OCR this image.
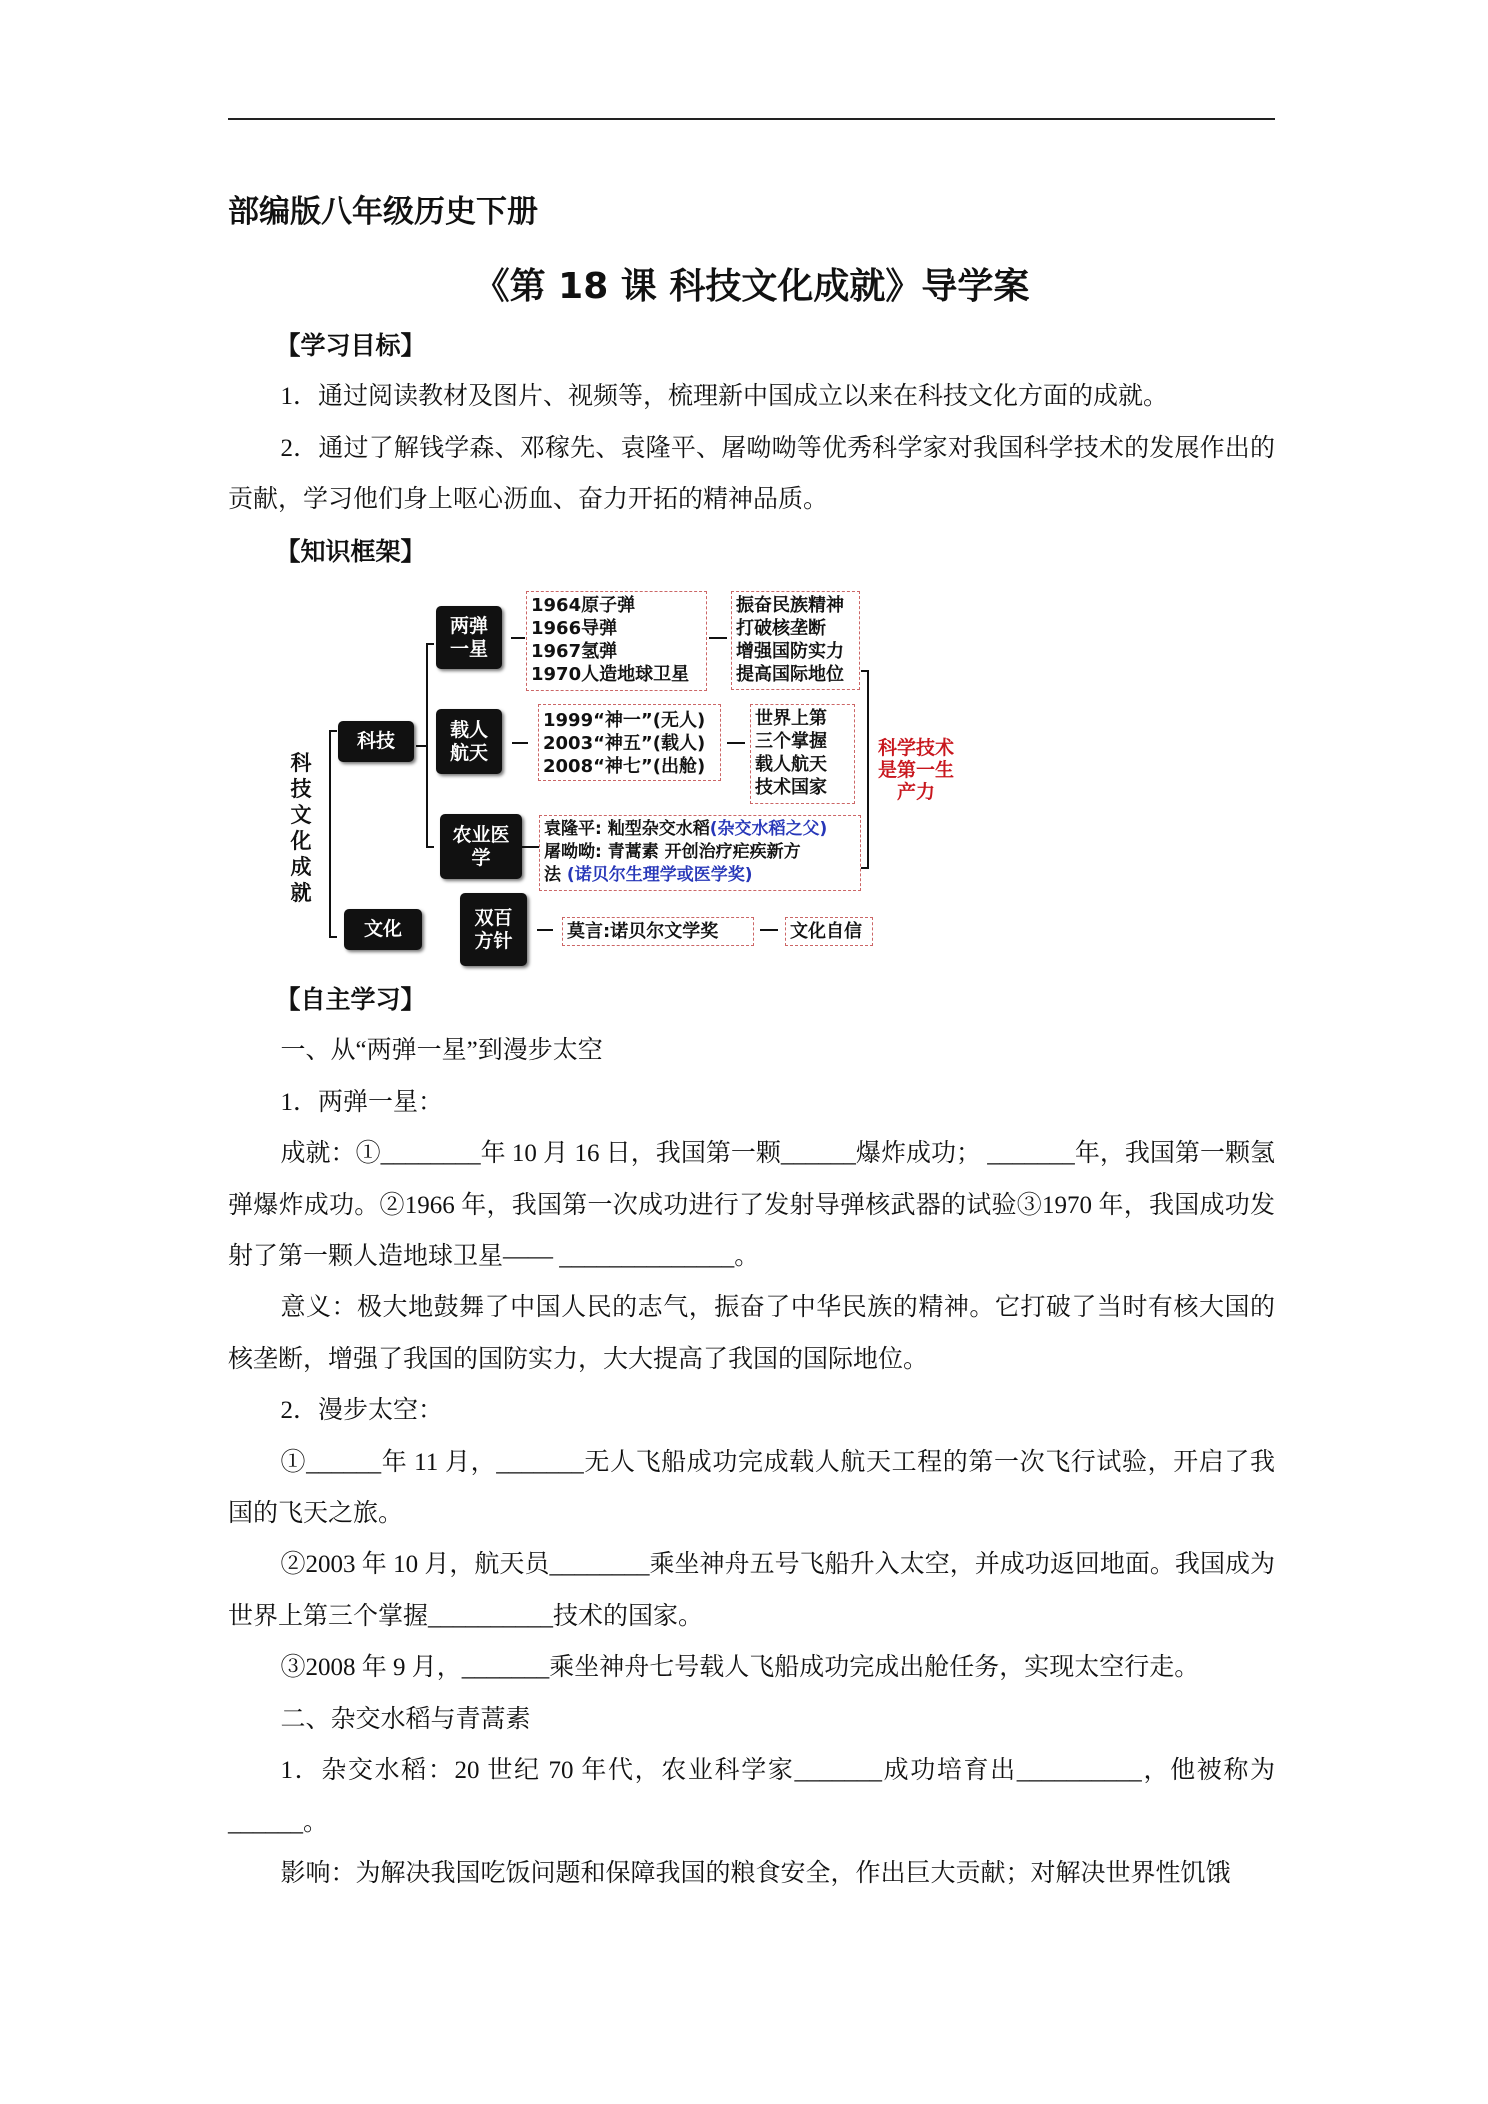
部编版八年级历史下册
《第 18 课 科技文化成就》导学案

【学习目标】

1．通过阅读教材及图片、视频等，梳理新中国成立以来在科技文化方面的成就。

2．通过了解钱学森、邓稼先、袁隆平、屠呦呦等优秀科学家对我国科学技术的发展作出的贡献，学习他们身上呕心沥血、奋力开拓的精神品质。

【知识框架】

科技文化成就
科技
文化
两弹一星
载人航天
农业医学
双百方针
1964原子弹
1966导弹
1967氢弹
1970人造地球卫星
振奋民族精神
打破核垄断
增强国防实力
提高国际地位
1999“神一”(无人)
2003“神五”(载人)
2008“神七”(出舱)
世界上第
三个掌握
载人航天
技术国家
袁隆平: 籼型杂交水稻(杂交水稻之父)
屠呦呦: 青蒿素 开创治疗疟疾新方
法 (诺贝尔生理学或医学奖)
科学技术是第一生产力
莫言:诺贝尔文学奖	文化自信

【自主学习】

一、从“两弹一星”到漫步太空

1．两弹一星：

成就：①________年 10 月 16 日，我国第一颗______爆炸成功； _______年，我国第一颗氢弹爆炸成功。②1966 年，我国第一次成功进行了发射导弹核武器的试验③1970 年，我国成功发射了第一颗人造地球卫星—— ______________。

意义：极大地鼓舞了中国人民的志气，振奋了中华民族的精神。它打破了当时有核大国的核垄断，增强了我国的国防实力，大大提高了我国的国际地位。

2．漫步太空：

①______年 11 月，_______无人飞船成功完成载人航天工程的第一次飞行试验，开启了我国的飞天之旅。

②2003 年 10 月，航天员________乘坐神舟五号飞船升入太空，并成功返回地面。我国成为世界上第三个掌握__________技术的国家。

③2008 年 9 月，_______乘坐神舟七号载人飞船成功完成出舱任务，实现太空行走。

二、杂交水稻与青蒿素

1．杂交水稻：20 世纪 70 年代，农业科学家_______成功培育出__________，他被称为______。

影响：为解决我国吃饭问题和保障我国的粮食安全，作出巨大贡献；对解决世界性饥饿
